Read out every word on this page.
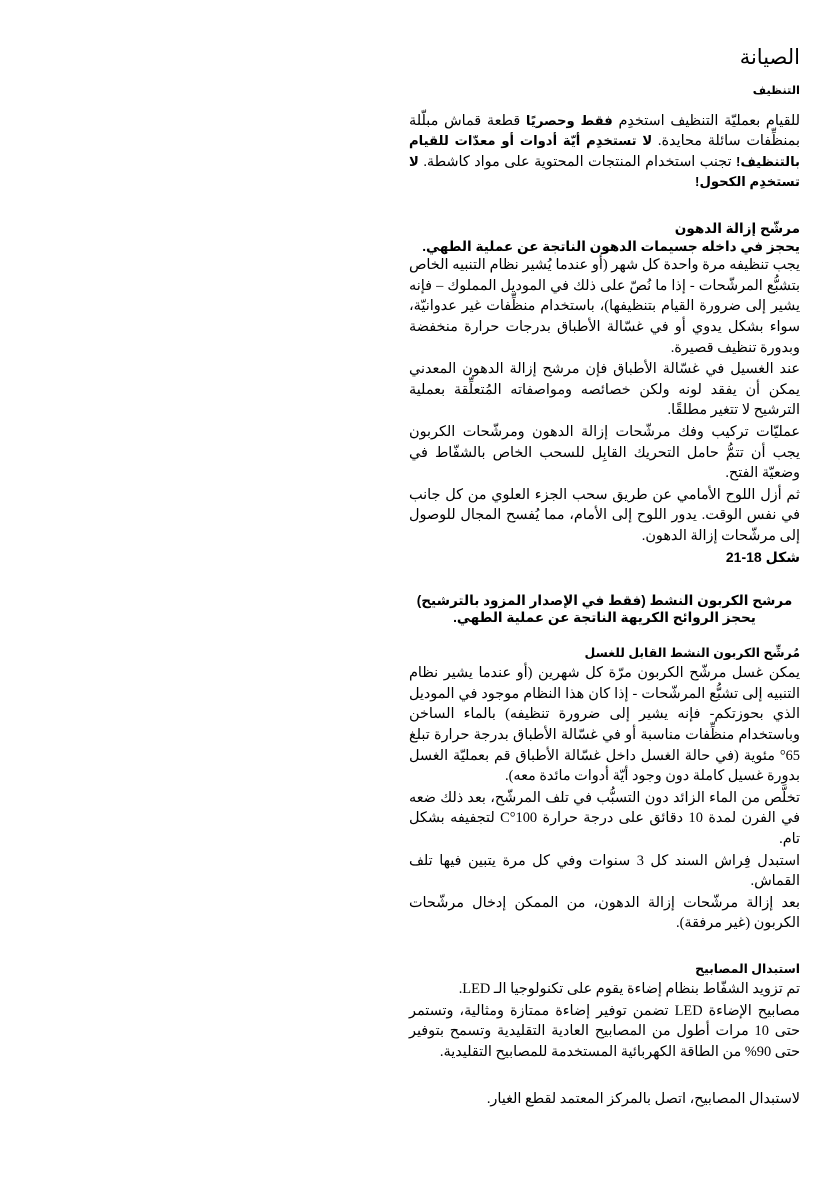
الصيانة
التنظيف

للقيام بعمليّة التنظيف استخدِم فقط وحصريًا قطعة قماش مبلّلة بمنظِّفات سائلة محايدة. لا تستخدِم أيّة أدوات أو معدّات للقيام بالتنظيف! تجنب استخدام المنتجات المحتوية على مواد كاشطة. لا تستخدِم الكحول!

مرشّح إزالة الدهون
يحجز في داخله جسيمات الدهون الناتجة عن عملية الطهي.

يجب تنظيفه مرة واحدة كل شهر (أو عندما يُشير نظام التنبيه الخاص بتشبُّع المرشّحات - إذا ما نُصّ على ذلك في الموديل المملوك – فإنه يشير إلى ضرورة القيام بتنظيفها)، باستخدام منظِّفات غير عدوانيّة، سواء بشكل يدوي أو في غسّالة الأطباق بدرجات حرارة منخفضة وبدورة تنظيف قصيرة.

عند الغسيل في غسّالة الأطباق فإن مرشح إزالة الدهون المعدني يمكن أن يفقد لونه ولكن خصائصه ومواصفاته المُتعلِّقة بعملية الترشيح لا تتغير مطلقًا.

عمليّات تركيب وفك مرشّحات إزالة الدهون ومرشّحات الكربون يجب أن تتمُّ حامل التحريك القابِل للسحب الخاص بالشفّاط في وضعيّة الفتح.

ثم أزل اللوح الأمامي عن طريق سحب الجزء العلوي من كل جانب في نفس الوقت. يدور اللوح إلى الأمام، مما يُفسح المجال للوصول إلى مرشّحات إزالة الدهون.

شكل 18-21

مرشح الكربون النشط (فقط في الإصدار المزود بالترشيح)
يحجز الروائح الكريهة الناتجة عن عملية الطهي.
مُرشِّح الكربون النشط القابل للغسل

يمكن غسل مرشّح الكربون مرّة كل شهرين (أو عندما يشير نظام التنبيه إلى تشبُّع المرشّحات - إذا كان هذا النظام موجود في الموديل الذي بحوزتكم- فإنه يشير إلى ضرورة تنظيفه) بالماء الساخن وباستخدام منظِّفات مناسبة أو في غسّالة الأطباق بدرجة حرارة تبلغ 65° مئوية (في حالة الغسل داخل غسّالة الأطباق قم بعمليّة الغسل بدورة غسيل كاملة دون وجود أيّة أدوات مائدة معه).

تخلَّص من الماء الزائد دون التسبُّب في تلف المرشّح، بعد ذلك ضعه في الفرن لمدة 10 دقائق على درجة حرارة 100°C لتجفيفه بشكل تام.

استبدل فِراش السند كل 3 سنوات وفي كل مرة يتبين فيها تلف القماش.

بعد إزالة مرشّحات إزالة الدهون، من الممكن إدخال مرشّحات الكربون (غير مرفقة).

استبدال المصابيح

تم تزويد الشفّاط بنظام إضاءة يقوم على تكنولوجيا الـ LED.

مصابيح الإضاءة LED تضمن توفير إضاءة ممتازة ومثالية، وتستمر حتى 10 مرات أطول من المصابيح العادية التقليدية وتسمح بتوفير حتى 90% من الطاقة الكهربائية المستخدمة للمصابيح التقليدية.

لاستبدال المصابيح، اتصل بالمركز المعتمد لقطع الغيار.
